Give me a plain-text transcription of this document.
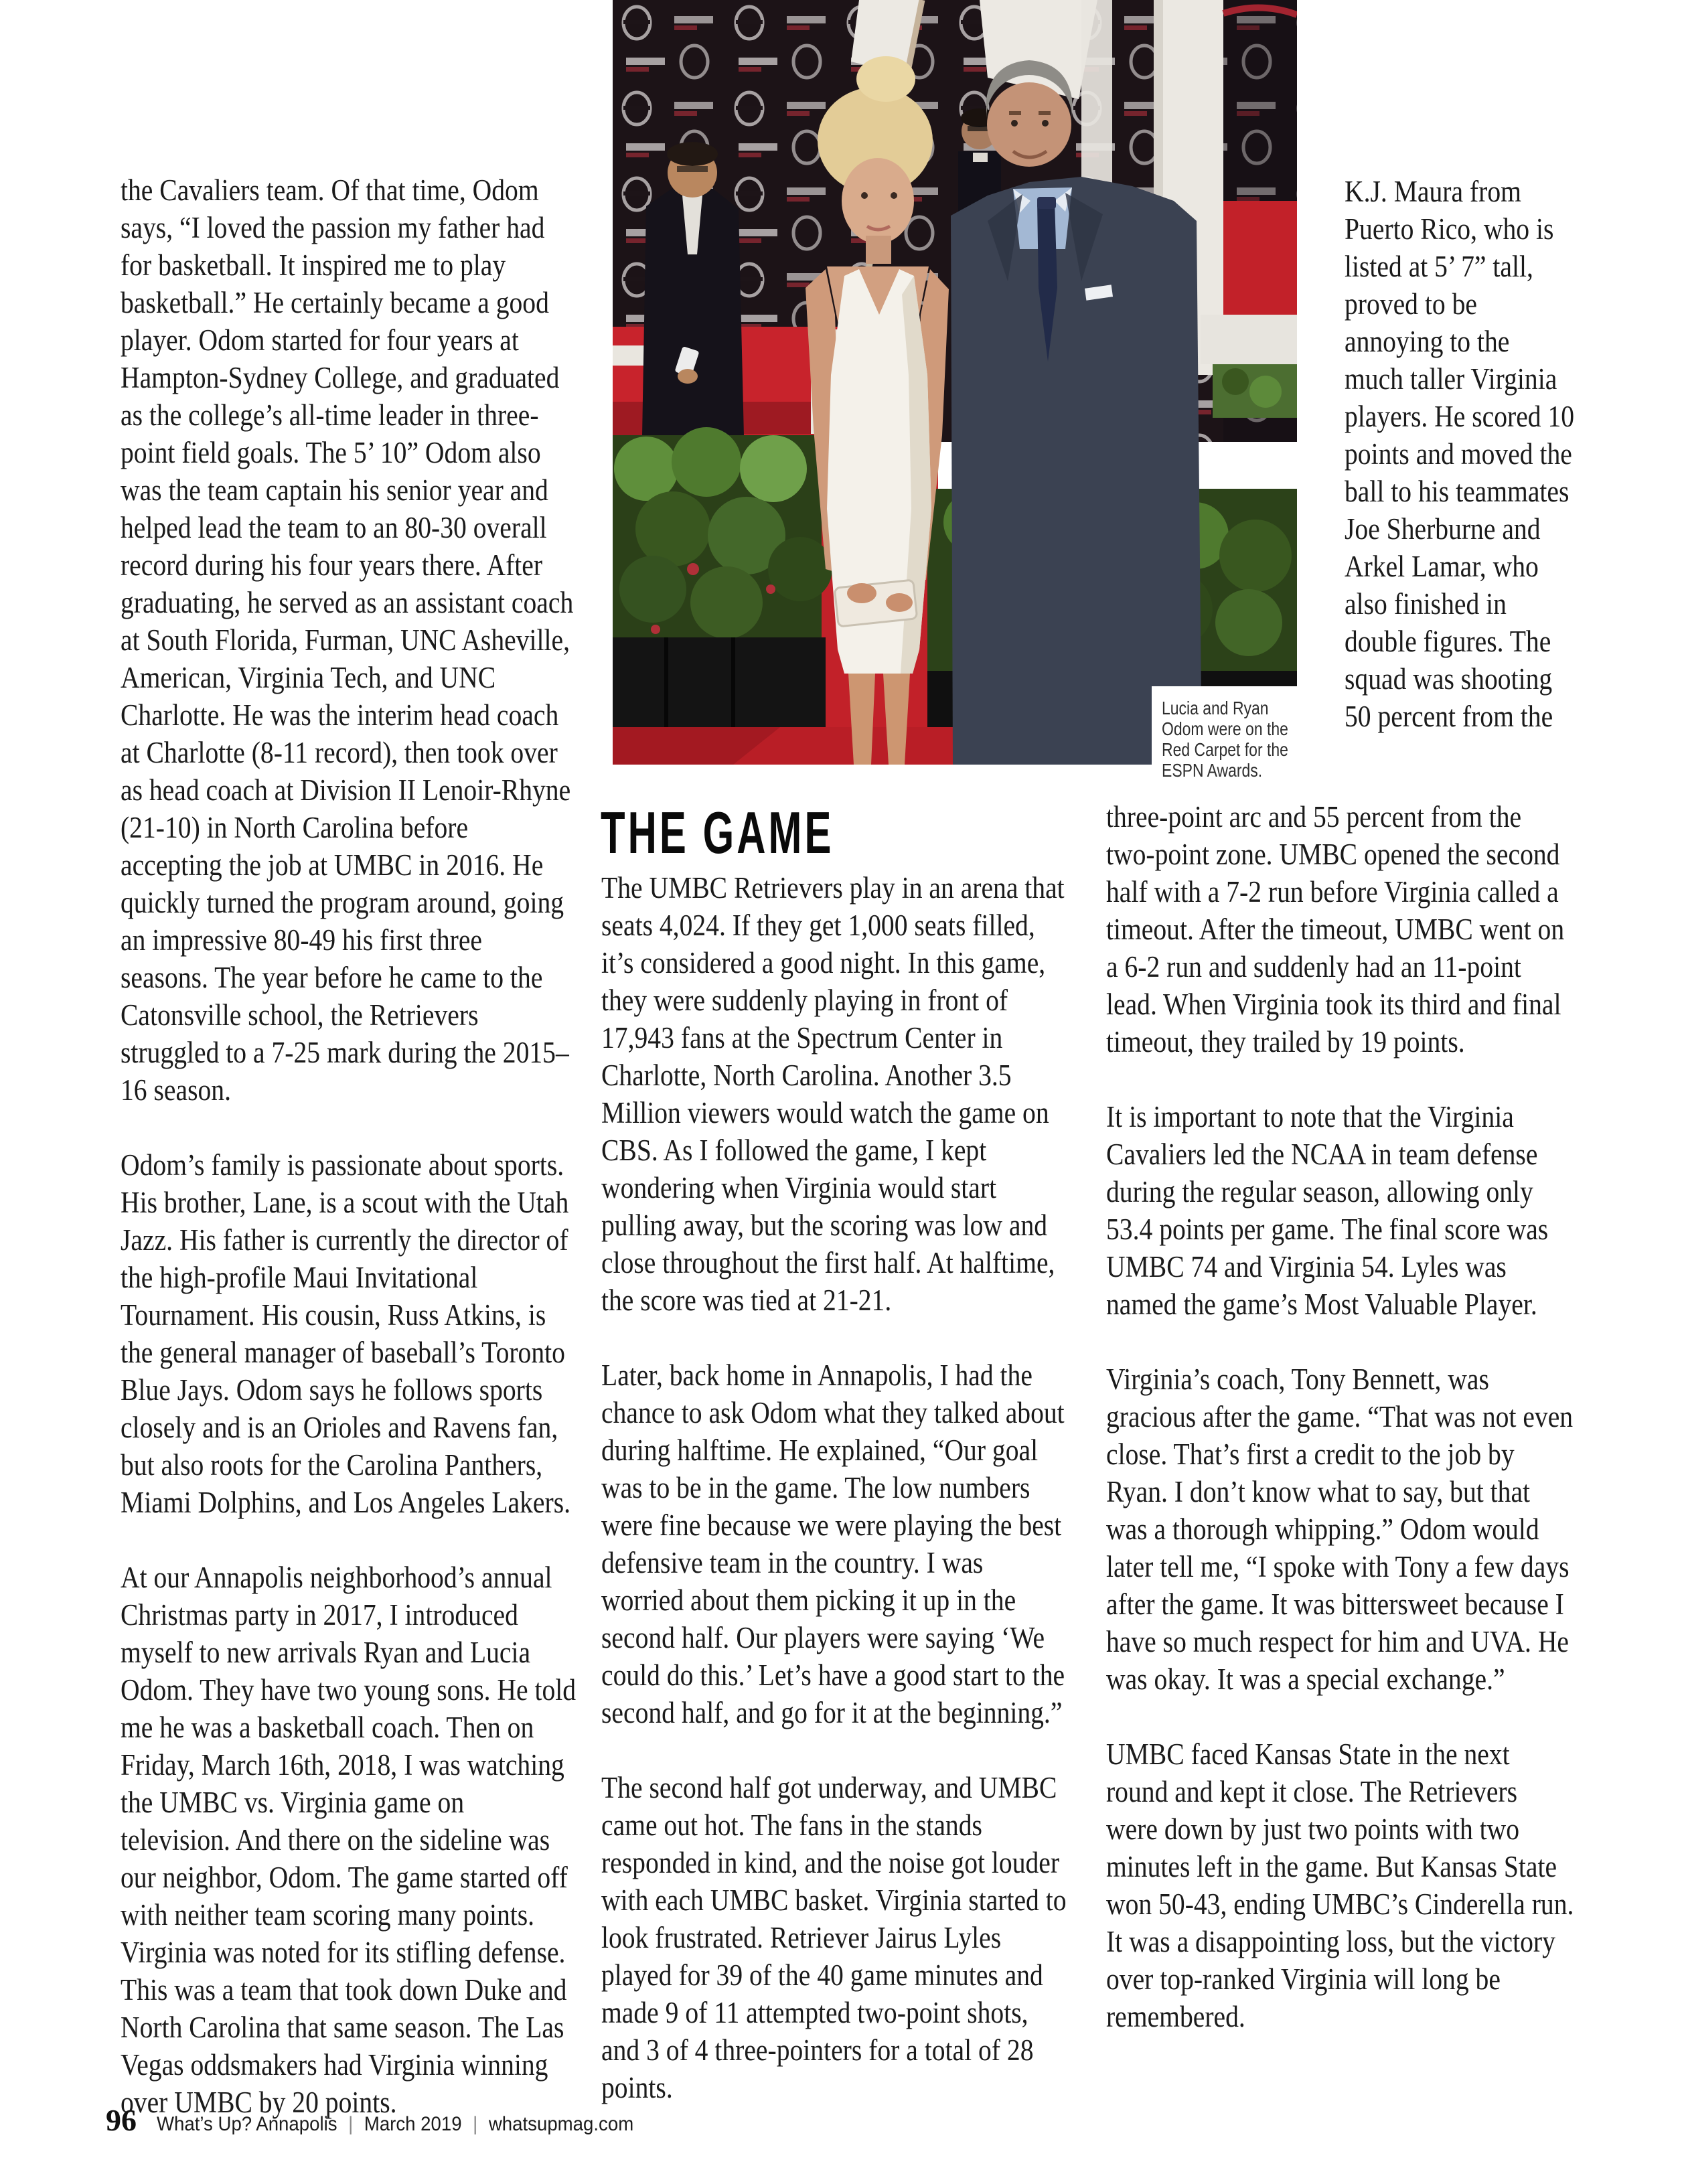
Lucia and Ryan Odom were on the Red Carpet for the ESPN Awards.

the Cavaliers team. Of that time, Odom says, “I loved the passion my father had for basketball. It inspired me to play basketball.” He certainly became a good player. Odom started for four years at Hampton-Sydney College, and graduated as the college’s all-time leader in three-point field goals. The 5’ 10” Odom also was the team captain his senior year and helped lead the team to an 80-30 overall record during his four years there. After graduating, he served as an assistant coach at South Florida, Furman, UNC Asheville, American, Virginia Tech, and UNC Charlotte. He was the interim head coach at Charlotte (8-11 record), then took over as head coach at Division II Lenoir-Rhyne (21-10) in North Carolina before accepting the job at UMBC in 2016. He quickly turned the program around, going an impressive 80-49 his first three seasons. The year before he came to the Catonsville school, the Retrievers struggled to a 7-25 mark during the 2015–16 season.

Odom’s family is passionate about sports. His brother, Lane, is a scout with the Utah Jazz. His father is currently the director of the high-profile Maui Invitational Tournament. His cousin, Russ Atkins, is the general manager of baseball’s Toronto Blue Jays. Odom says he follows sports closely and is an Orioles and Ravens fan, but also roots for the Carolina Panthers, Miami Dolphins, and Los Angeles Lakers.

At our Annapolis neighborhood’s annual Christmas party in 2017, I introduced myself to new arrivals Ryan and Lucia Odom. They have two young sons. He told me he was a basketball coach. Then on Friday, March 16th, 2018, I was watching the UMBC vs. Virginia game on television. And there on the sideline was our neighbor, Odom. The game started off with neither team scoring many points. Virginia was noted for its stifling defense. This was a team that took down Duke and North Carolina that same season. The Las Vegas oddsmakers had Virginia winning over UMBC by 20 points.

THE GAME

The UMBC Retrievers play in an arena that seats 4,024. If they get 1,000 seats filled, it’s considered a good night. In this game, they were suddenly playing in front of 17,943 fans at the Spectrum Center in Charlotte, North Carolina. Another 3.5 Million viewers would watch the game on CBS. As I followed the game, I kept wondering when Virginia would start pulling away, but the scoring was low and close throughout the first half. At halftime, the score was tied at 21-21.

Later, back home in Annapolis, I had the chance to ask Odom what they talked about during halftime. He explained, “Our goal was to be in the game. The low numbers were fine because we were playing the best defensive team in the country. I was worried about them picking it up in the second half. Our players were saying ‘We could do this.’ Let’s have a good start to the second half, and go for it at the beginning.”

The second half got underway, and UMBC came out hot. The fans in the stands responded in kind, and the noise got louder with each UMBC basket. Virginia started to look frustrated. Retriever Jairus Lyles played for 39 of the 40 game minutes and made 9 of 11 attempted two-point shots, and 3 of 4 three-pointers for a total of 28 points.

K.J. Maura from Puerto Rico, who is listed at 5’ 7” tall, proved to be annoying to the much taller Virginia players. He scored 10 points and moved the ball to his teammates Joe Sherburne and Arkel Lamar, who also finished in double figures. The squad was shooting 50 percent from the

three-point arc and 55 percent from the two-point zone. UMBC opened the second half with a 7-2 run before Virginia called a timeout. After the timeout, UMBC went on a 6-2 run and suddenly had an 11-point lead. When Virginia took its third and final timeout, they trailed by 19 points.

It is important to note that the Virginia Cavaliers led the NCAA in team defense during the regular season, allowing only 53.4 points per game. The final score was UMBC 74 and Virginia 54. Lyles was named the game’s Most Valuable Player.

Virginia’s coach, Tony Bennett, was gracious after the game. “That was not even close. That’s first a credit to the job by Ryan. I don’t know what to say, but that was a thorough whipping.” Odom would later tell me, “I spoke with Tony a few days after the game. It was bittersweet because I have so much respect for him and UVA. He was okay. It was a special exchange.”

UMBC faced Kansas State in the next round and kept it close. The Retrievers were down by just two points with two minutes left in the game. But Kansas State won 50-43, ending UMBC’s Cinderella run. It was a disappointing loss, but the victory over top-ranked Virginia will long be remembered.

96 What’s Up? Annapolis | March 2019 | whatsupmag.com
